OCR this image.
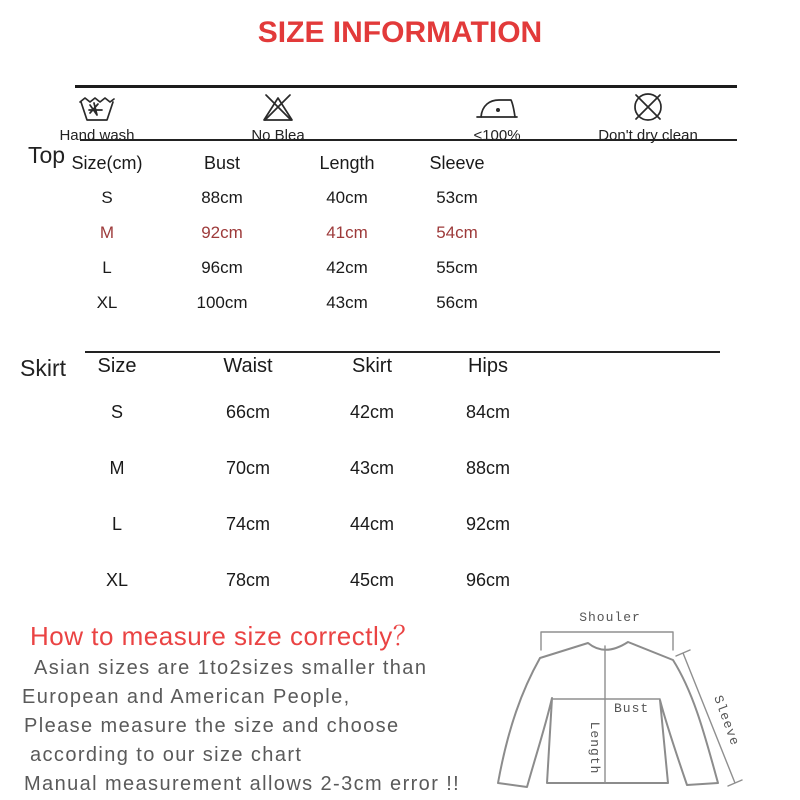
SIZE INFORMATION
Hand wash	No Blea	<100%	Don't dry clean
Top Size(cm)	Bust	Length	Sleeve
S	88cm	40cm	53cm
M	92cm	41cm	54cm
L	96cm	42cm	55cm
XL	100cm	43cm	56cm
Skirt	Size	Waist	Skirt	Hips
S	66cm	42cm	84cm
M	70cm	43cm	88cm
L	74cm	44cm	92cm
XL	78cm	45cm	96cm
How to measure size correctly？
Asian sizes are 1to2sizes smaller than
European and American People,
Please measure the size and choose
according to our size chart
Manual measurement allows 2-3cm error !!
Shouler
Bust
Length	Sleeve
